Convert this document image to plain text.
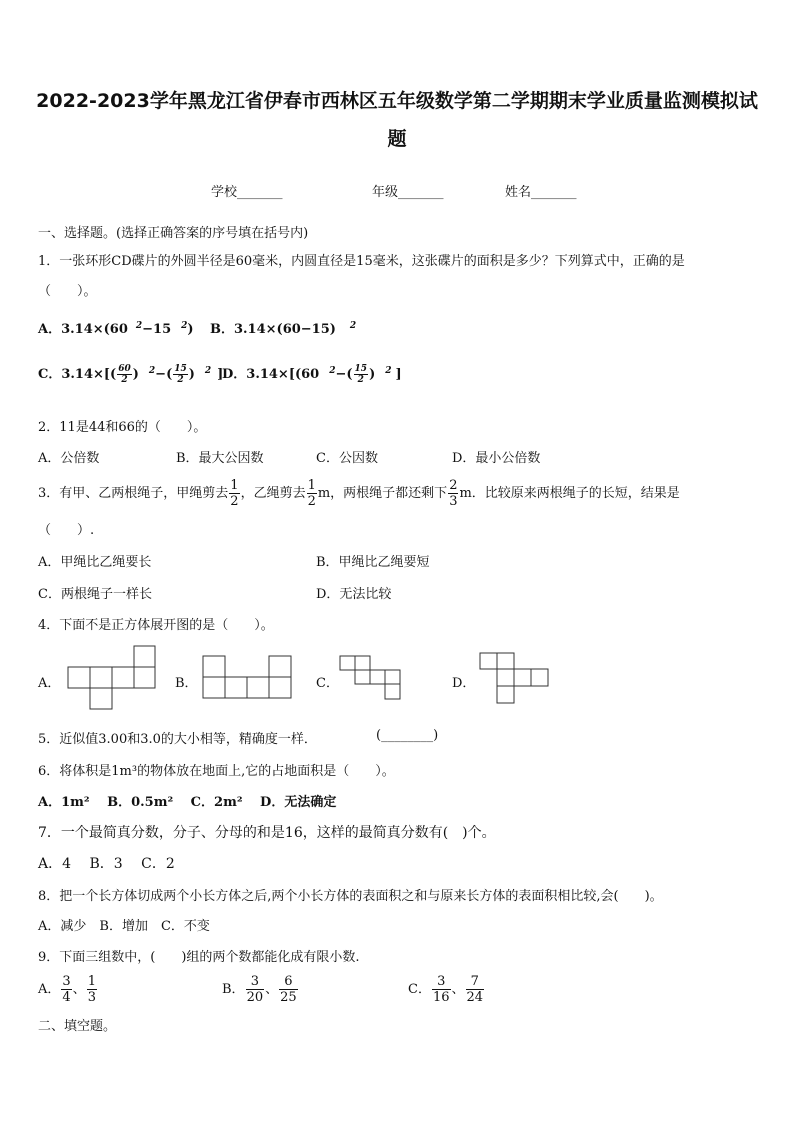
2022-2023学年黑龙江省伊春市西林区五年级数学第二学期期末学业质量监测模拟试
题
学校_______	年级_______	姓名_______
一、选择题。(选择正确答案的序号填在括号内)
1．一张环形CD碟片的外圆半径是60毫米，内圆直径是15毫米，这张碟片的面积是多少？下列算式中，正确的是
（　　）。
A．3.14×(60 $^2$−15 $^2$) B．3.14×(60−15) $^2$
C．$3.14\times[( \frac{60}{2}$ ) $^2-( \frac{15}{2}$ ) $^2$ ]
D．3.14×[(60 $^2-( \frac{15}{2}$ ) $^2$ ]
2．11是44和66的（　　）。
A．公倍数	B．最大公因数	C．公因数	D．最小公倍数
3．有甲、乙两根绳子，甲绳剪去 $\frac{1}{2}$ ，乙绳剪去 $\frac{1}{2}$ m，两根绳子都还剩下 $\frac{2}{3}$ m．比较原来两根绳子的长短，结果是
（　　）.
A．甲绳比乙绳要长	B．甲绳比乙绳要短
C．两根绳子一样长	D．无法比较
4．下面不是正方体展开图的是（　　）。
A．	B．	C．	D．
5．近似值3.00和3.0的大小相等，精确度一样．	(________)
6．将体积是1m³的物体放在地面上,它的占地面积是（　　）。
A．1m²　 B．0.5m²　 C．2m²　 D．无法确定
7．一个最简真分数，分子、分母的和是16，这样的最简真分数有(　)个。
A．4　 B．3　 C．2
8．把一个长方体切成两个小长方体之后,两个小长方体的表面积之和与原来长方体的表面积相比较,会(　　)。
A．减少　B．增加　C．不变
9．下面三组数中，(　　)组的两个数都能化成有限小数.
A． $\frac{3}{4}$ 、 $\frac{1}{3}$	B． $\frac{3}{20}$ 、 $\frac{6}{25}$	C． $\frac{3}{16}$ 、 $\frac{7}{24}$
二、填空题。
